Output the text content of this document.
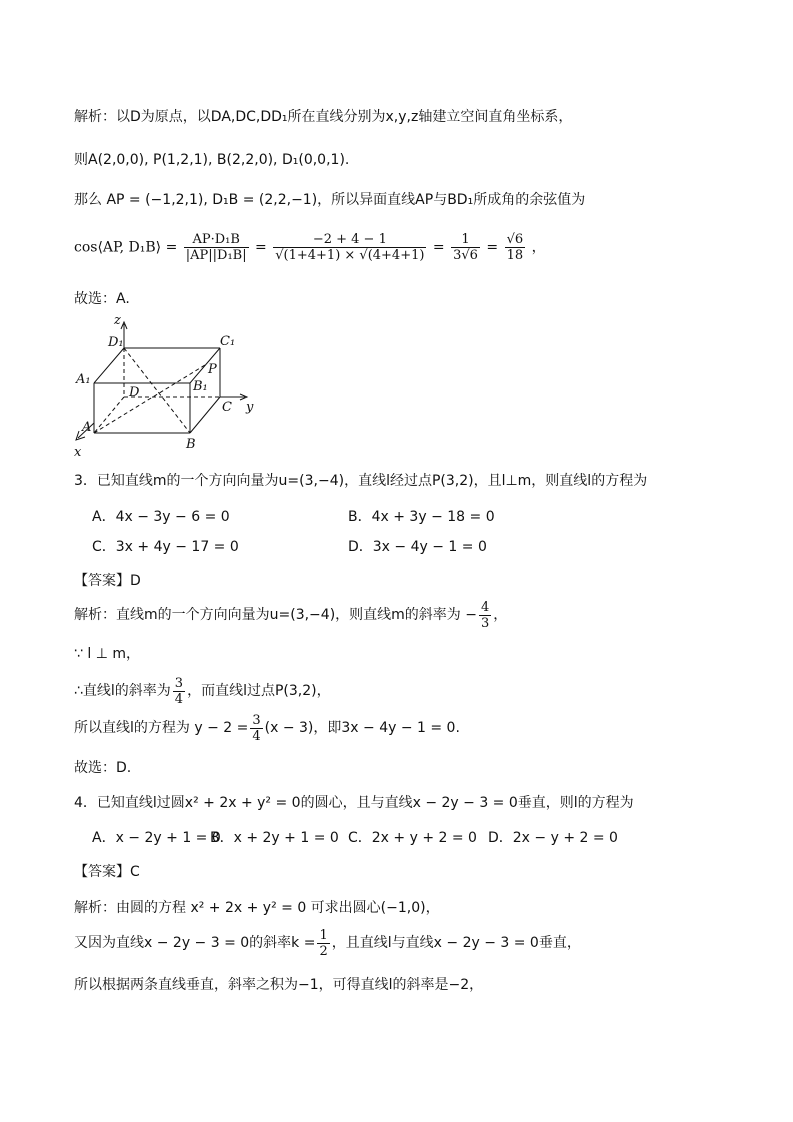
解析：以D为原点，以DA,DC,DD₁所在直线分别为x,y,z轴建立空间直角坐标系，
则A(2,0,0), P(1,2,1), B(2,2,0), D₁(0,0,1).
那么 AP = (−1,2,1), D₁B = (2,2,−1)，所以异面直线AP与BD₁所成角的余弦值为
cos⟨AP, D₁B⟩ = $\frac{\text{AP·D₁B}}{\text{|AP||D₁B|}} = \frac{-2 + 4 - 1}{√(1+4+1) \times √(4+4+1)} = \frac{1}{3√6} = \frac{√6}{18}$ ，
故选：A.
z
D₁	C₁
A₁	B₁
P
D
C y
A
B
x
3．已知直线m的一个方向向量为u=(3,−4)，直线l经过点P(3,2)，且l⊥m，则直线l的方程为
A．4x − 3y − 6 = 0	B．4x + 3y − 18 = 0
C．3x + 4y − 17 = 0	D．3x − 4y − 1 = 0
【答案】D
解析：直线m的一个方向向量为u=(3,−4)，则直线m的斜率为 − $\frac{4}{3}$ ，
∵ l ⊥ m，
∴直线l的斜率为 $\frac{3}{4}$ ，而直线l过点P(3,2)，
所以直线l的方程为 $y - 2 = \frac{3}{4} (x - 3)$，即3x − 4y − 1 = 0.
故选：D.
4．已知直线l过圆x² + 2x + y² = 0的圆心，且与直线x − 2y − 3 = 0垂直，则l的方程为
A．x − 2y + 1 = 0
B．x + 2y + 1 = 0 C．2x + y + 2 = 0 D．2x − y + 2 = 0
【答案】C
解析：由圆的方程 x² + 2x + y² = 0 可求出圆心(−1,0)，
又因为直线x − 2y − 3 = 0的斜率$k = \frac{1}{2}$ ，且直线l与直线x − 2y − 3 = 0垂直，
所以根据两条直线垂直，斜率之积为−1，可得直线l的斜率是−2，
